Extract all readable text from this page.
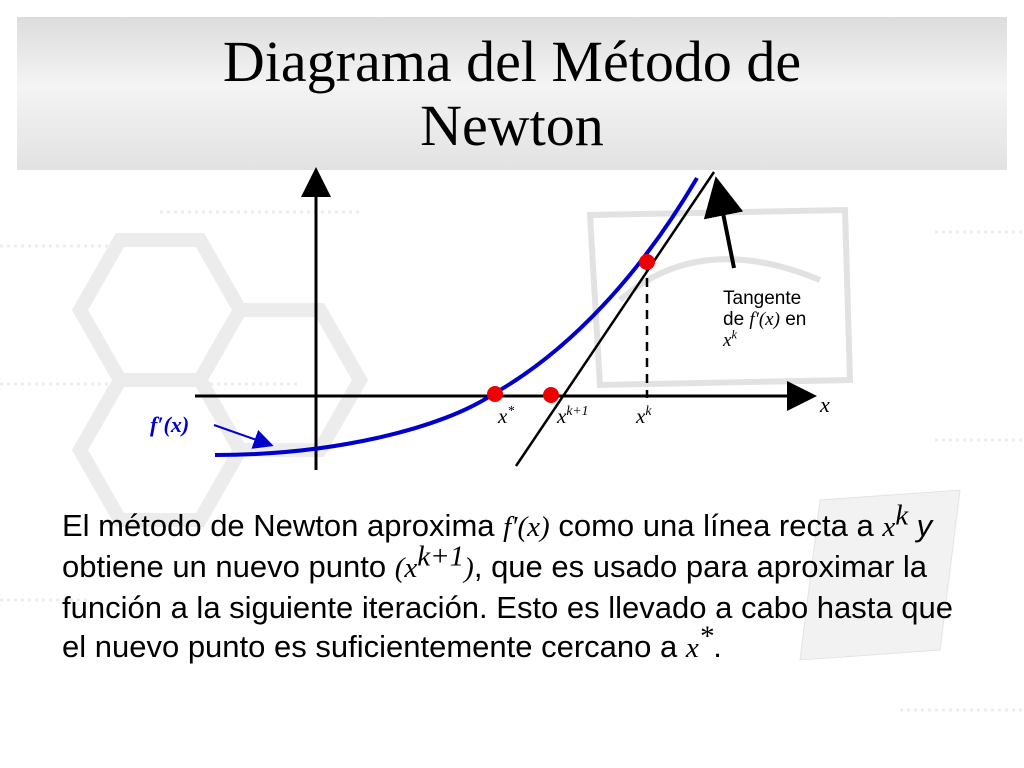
Diagrama del Método de Newton
f′(x)
x
x* $x^{k+1}$ $x^k$
Tangente
de f′(x) en
$x^k$

El método de Newton aproxima f′(x) como una línea recta a $x^k$ y obtiene un nuevo punto $(x^{k+1})$, que es usado para aproximar la función a la siguiente iteración. Esto es llevado a cabo hasta que el nuevo punto es suficientemente cercano a x*.
